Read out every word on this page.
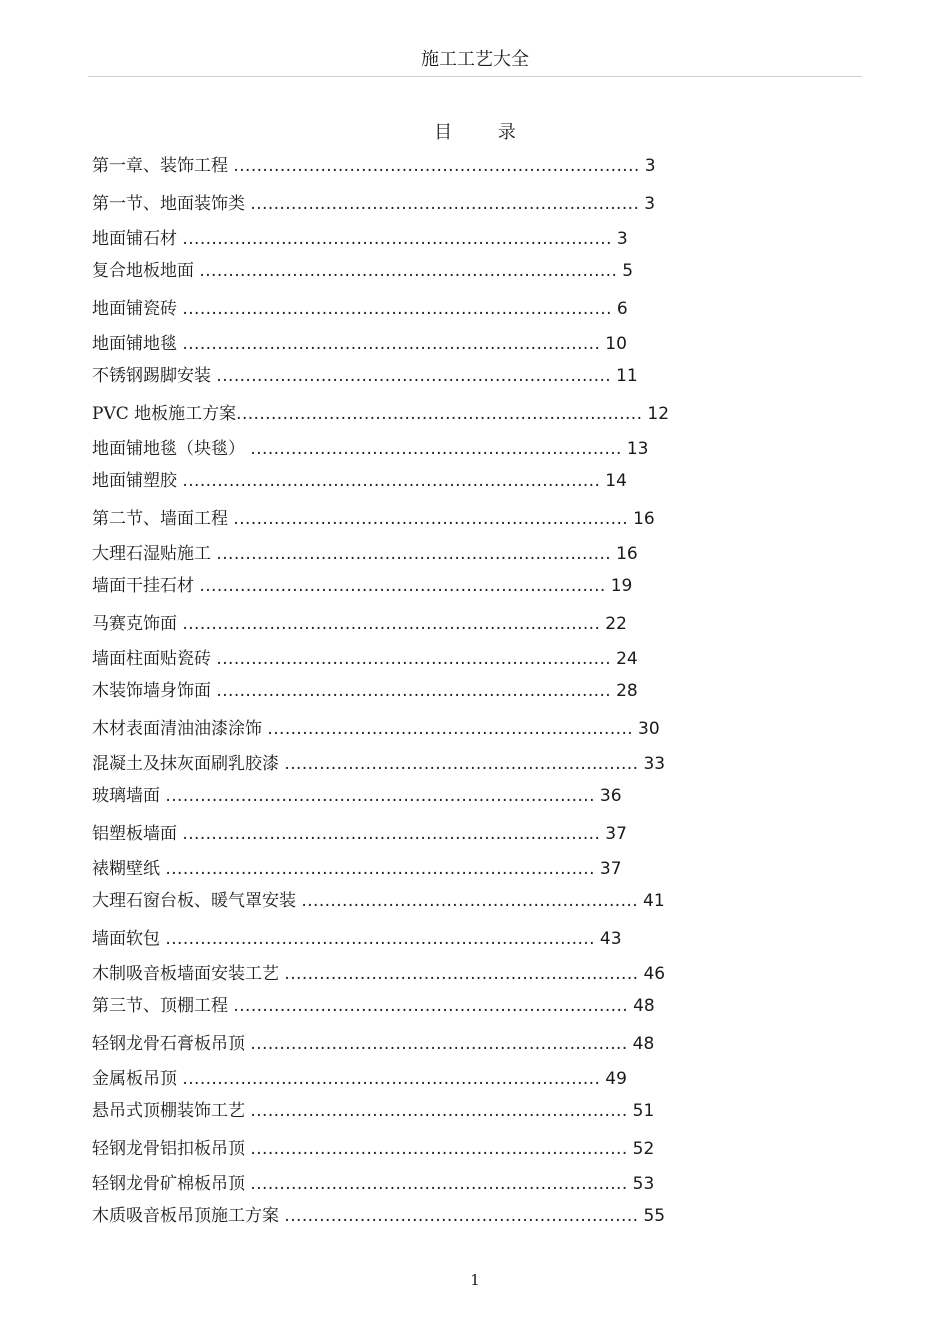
施工工艺大全
目 录
第一章、装饰工程 ...................................................................... 3
第一节、地面装饰类 ................................................................... 3
地面铺石材 .......................................................................... 3
复合地板地面 ........................................................................ 5
地面铺瓷砖 .......................................................................... 6
地面铺地毯 ........................................................................ 10
不锈钢踢脚安装 .................................................................... 11
PVC 地板施工方案...................................................................... 12
地面铺地毯（块毯） ................................................................ 13
地面铺塑胶 ........................................................................ 14
第二节、墙面工程 .................................................................... 16
大理石湿贴施工 .................................................................... 16
墙面干挂石材 ...................................................................... 19
马赛克饰面 ........................................................................ 22
墙面柱面贴瓷砖 .................................................................... 24
木装饰墙身饰面 .................................................................... 28
木材表面清油油漆涂饰 ............................................................... 30
混凝土及抹灰面刷乳胶漆 ............................................................. 33
玻璃墙面 .......................................................................... 36
铝塑板墙面 ........................................................................ 37
裱糊壁纸 .......................................................................... 37
大理石窗台板、暖气罩安装 .......................................................... 41
墙面软包 .......................................................................... 43
木制吸音板墙面安装工艺 ............................................................. 46
第三节、顶棚工程 .................................................................... 48
轻钢龙骨石膏板吊顶 ................................................................. 48
金属板吊顶 ........................................................................ 49
悬吊式顶棚装饰工艺 ................................................................. 51
轻钢龙骨铝扣板吊顶 ................................................................. 52
轻钢龙骨矿棉板吊顶 ................................................................. 53
木质吸音板吊顶施工方案 ............................................................. 55
1
